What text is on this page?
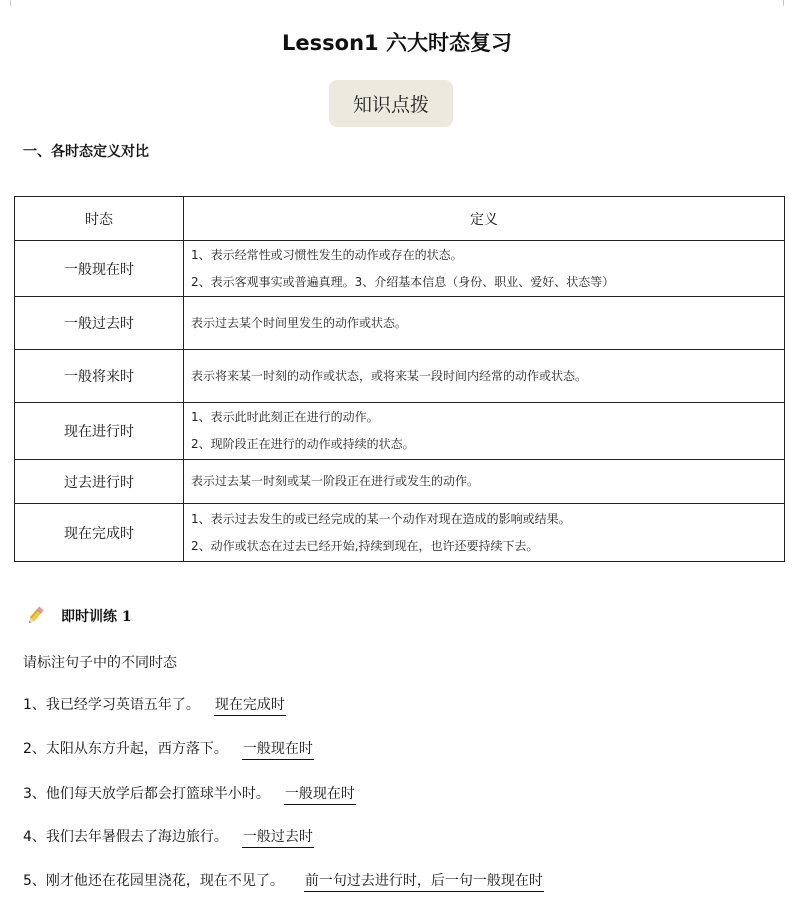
Lesson1 六大时态复习
知识点拨
一、各时态定义对比
时态	定义
一般现在时	1、表示经常性或习惯性发生的动作或存在的状态。
2、表示客观事实或普遍真理。3、介绍基本信息（身份、职业、爱好、状态等）

一般过去时	表示过去某个时间里发生的动作或状态。

一般将来时	表示将来某一时刻的动作或状态，或将来某一段时间内经常的动作或状态。

现在进行时	1、表示此时此刻正在进行的动作。
2、现阶段正在进行的动作或持续的状态。

过去进行时	表示过去某一时刻或某一阶段正在进行或发生的动作。

现在完成时	1、表示过去发生的或已经完成的某一个动作对现在造成的影响或结果。
2、动作或状态在过去已经开始,持续到现在，也许还要持续下去。
即时训练 1
请标注句子中的不同时态
1、我已经学习英语五年了。 现在完成时
2、太阳从东方升起，西方落下。 一般现在时
3、他们每天放学后都会打篮球半小时。 一般现在时
4、我们去年暑假去了海边旅行。 一般过去时
5、刚才他还在花园里浇花，现在不见了。 前一句过去进行时，后一句一般现在时
